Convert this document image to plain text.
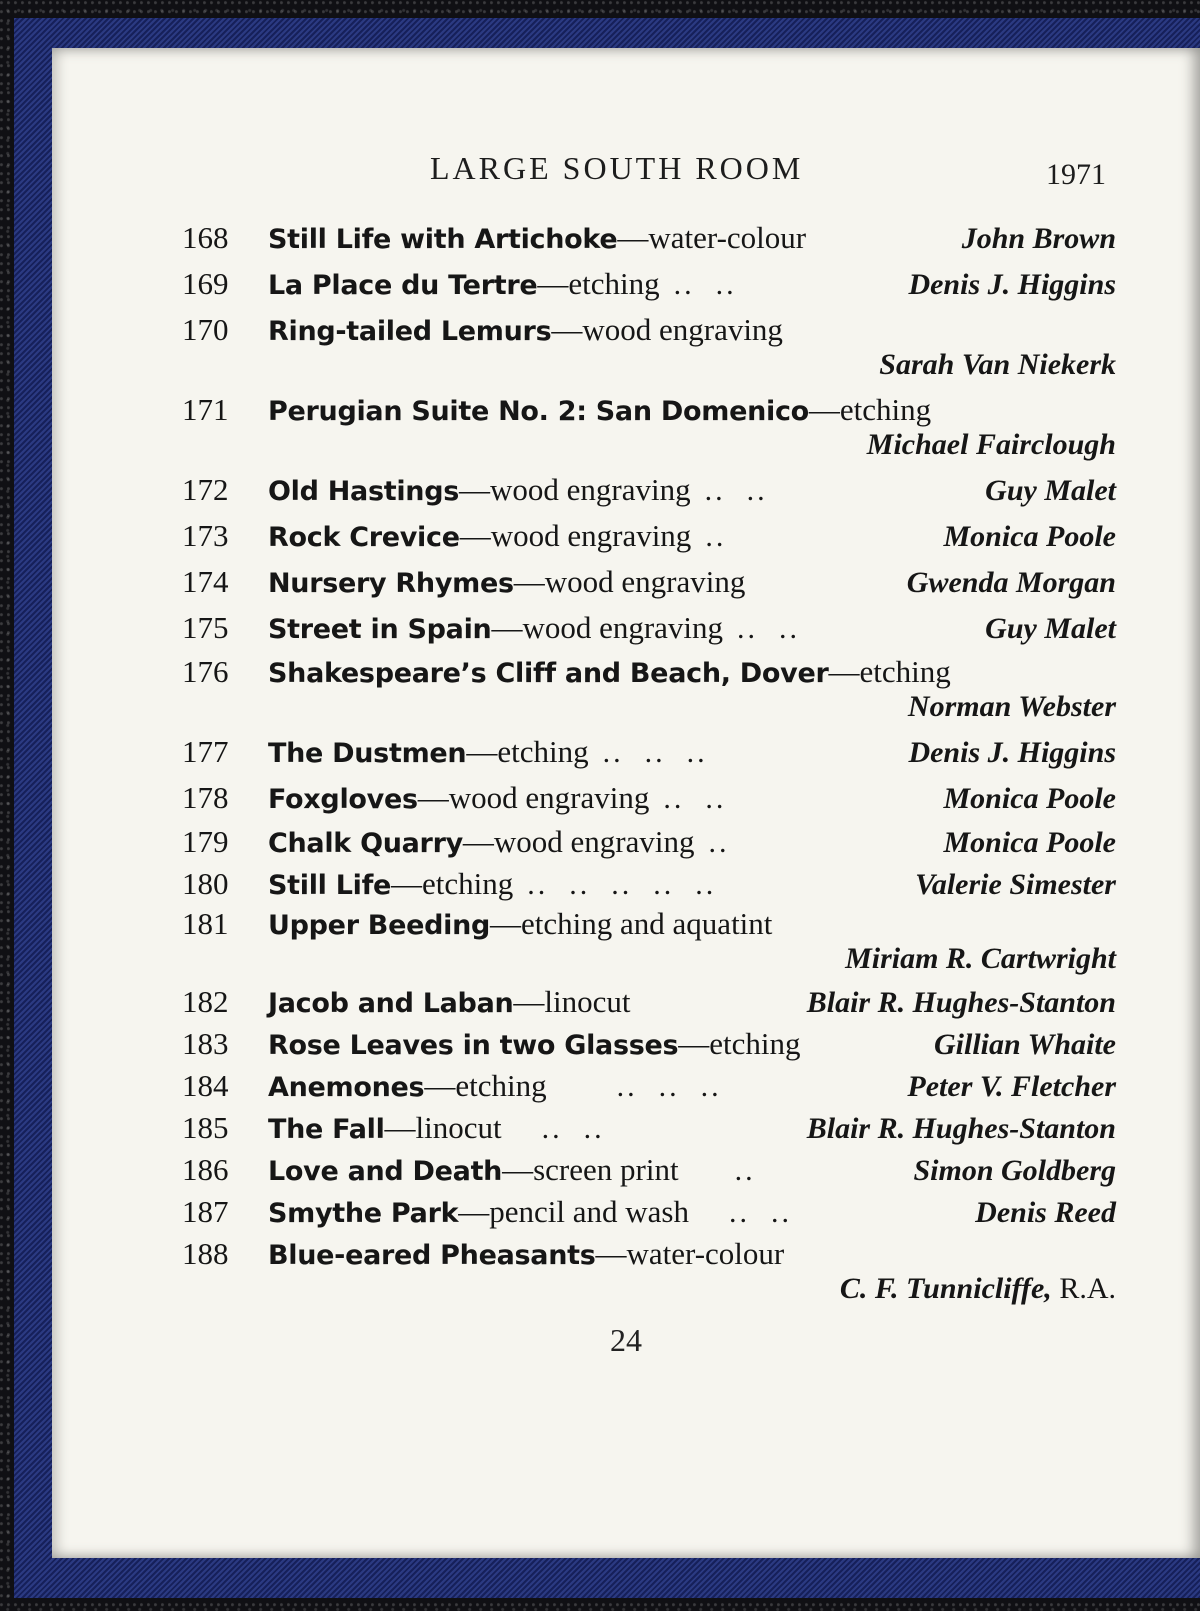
LARGE SOUTH ROOM	1971
168	Still Life with Artichoke —water-colour	John Brown
169	La Place du Tertre —etching ..  ..	Denis J. Higgins
170	Ring-tailed Lemurs —wood engraving
Sarah Van Niekerk
171	Perugian Suite No. 2: San Domenico —etching
Michael Fairclough
172	Old Hastings —wood engraving ..  ..	Guy Malet
173	Rock Crevice —wood engraving ..	Monica Poole
174	Nursery Rhymes —wood engraving	Gwenda Morgan
175	Street in Spain —wood engraving ..  ..	Guy Malet
176	Shakespeare’s Cliff and Beach, Dover —etching
Norman Webster
177	The Dustmen —etching ..  ..  ..	Denis J. Higgins
178	Foxgloves —wood engraving ..  ..	Monica Poole
179	Chalk Quarry —wood engraving ..	Monica Poole
180	Still Life —etching ..  ..  ..  ..  ..	Valerie Simester
181	Upper Beeding —etching and aquatint
Miriam R. Cartwright
182	Jacob and Laban —linocut	Blair R. Hughes-Stanton
183	Rose Leaves in two Glasses —etching	Gillian Whaite
184	Anemones —etching ..  ..  ..	Peter V. Fletcher
185	The Fall —linocut ..  ..	Blair R. Hughes-Stanton
186	Love and Death —screen print ..	Simon Goldberg
187	Smythe Park —pencil and wash ..  ..	Denis Reed
188	Blue-eared Pheasants —water-colour
C. F. Tunnicliffe, R.A.
24
